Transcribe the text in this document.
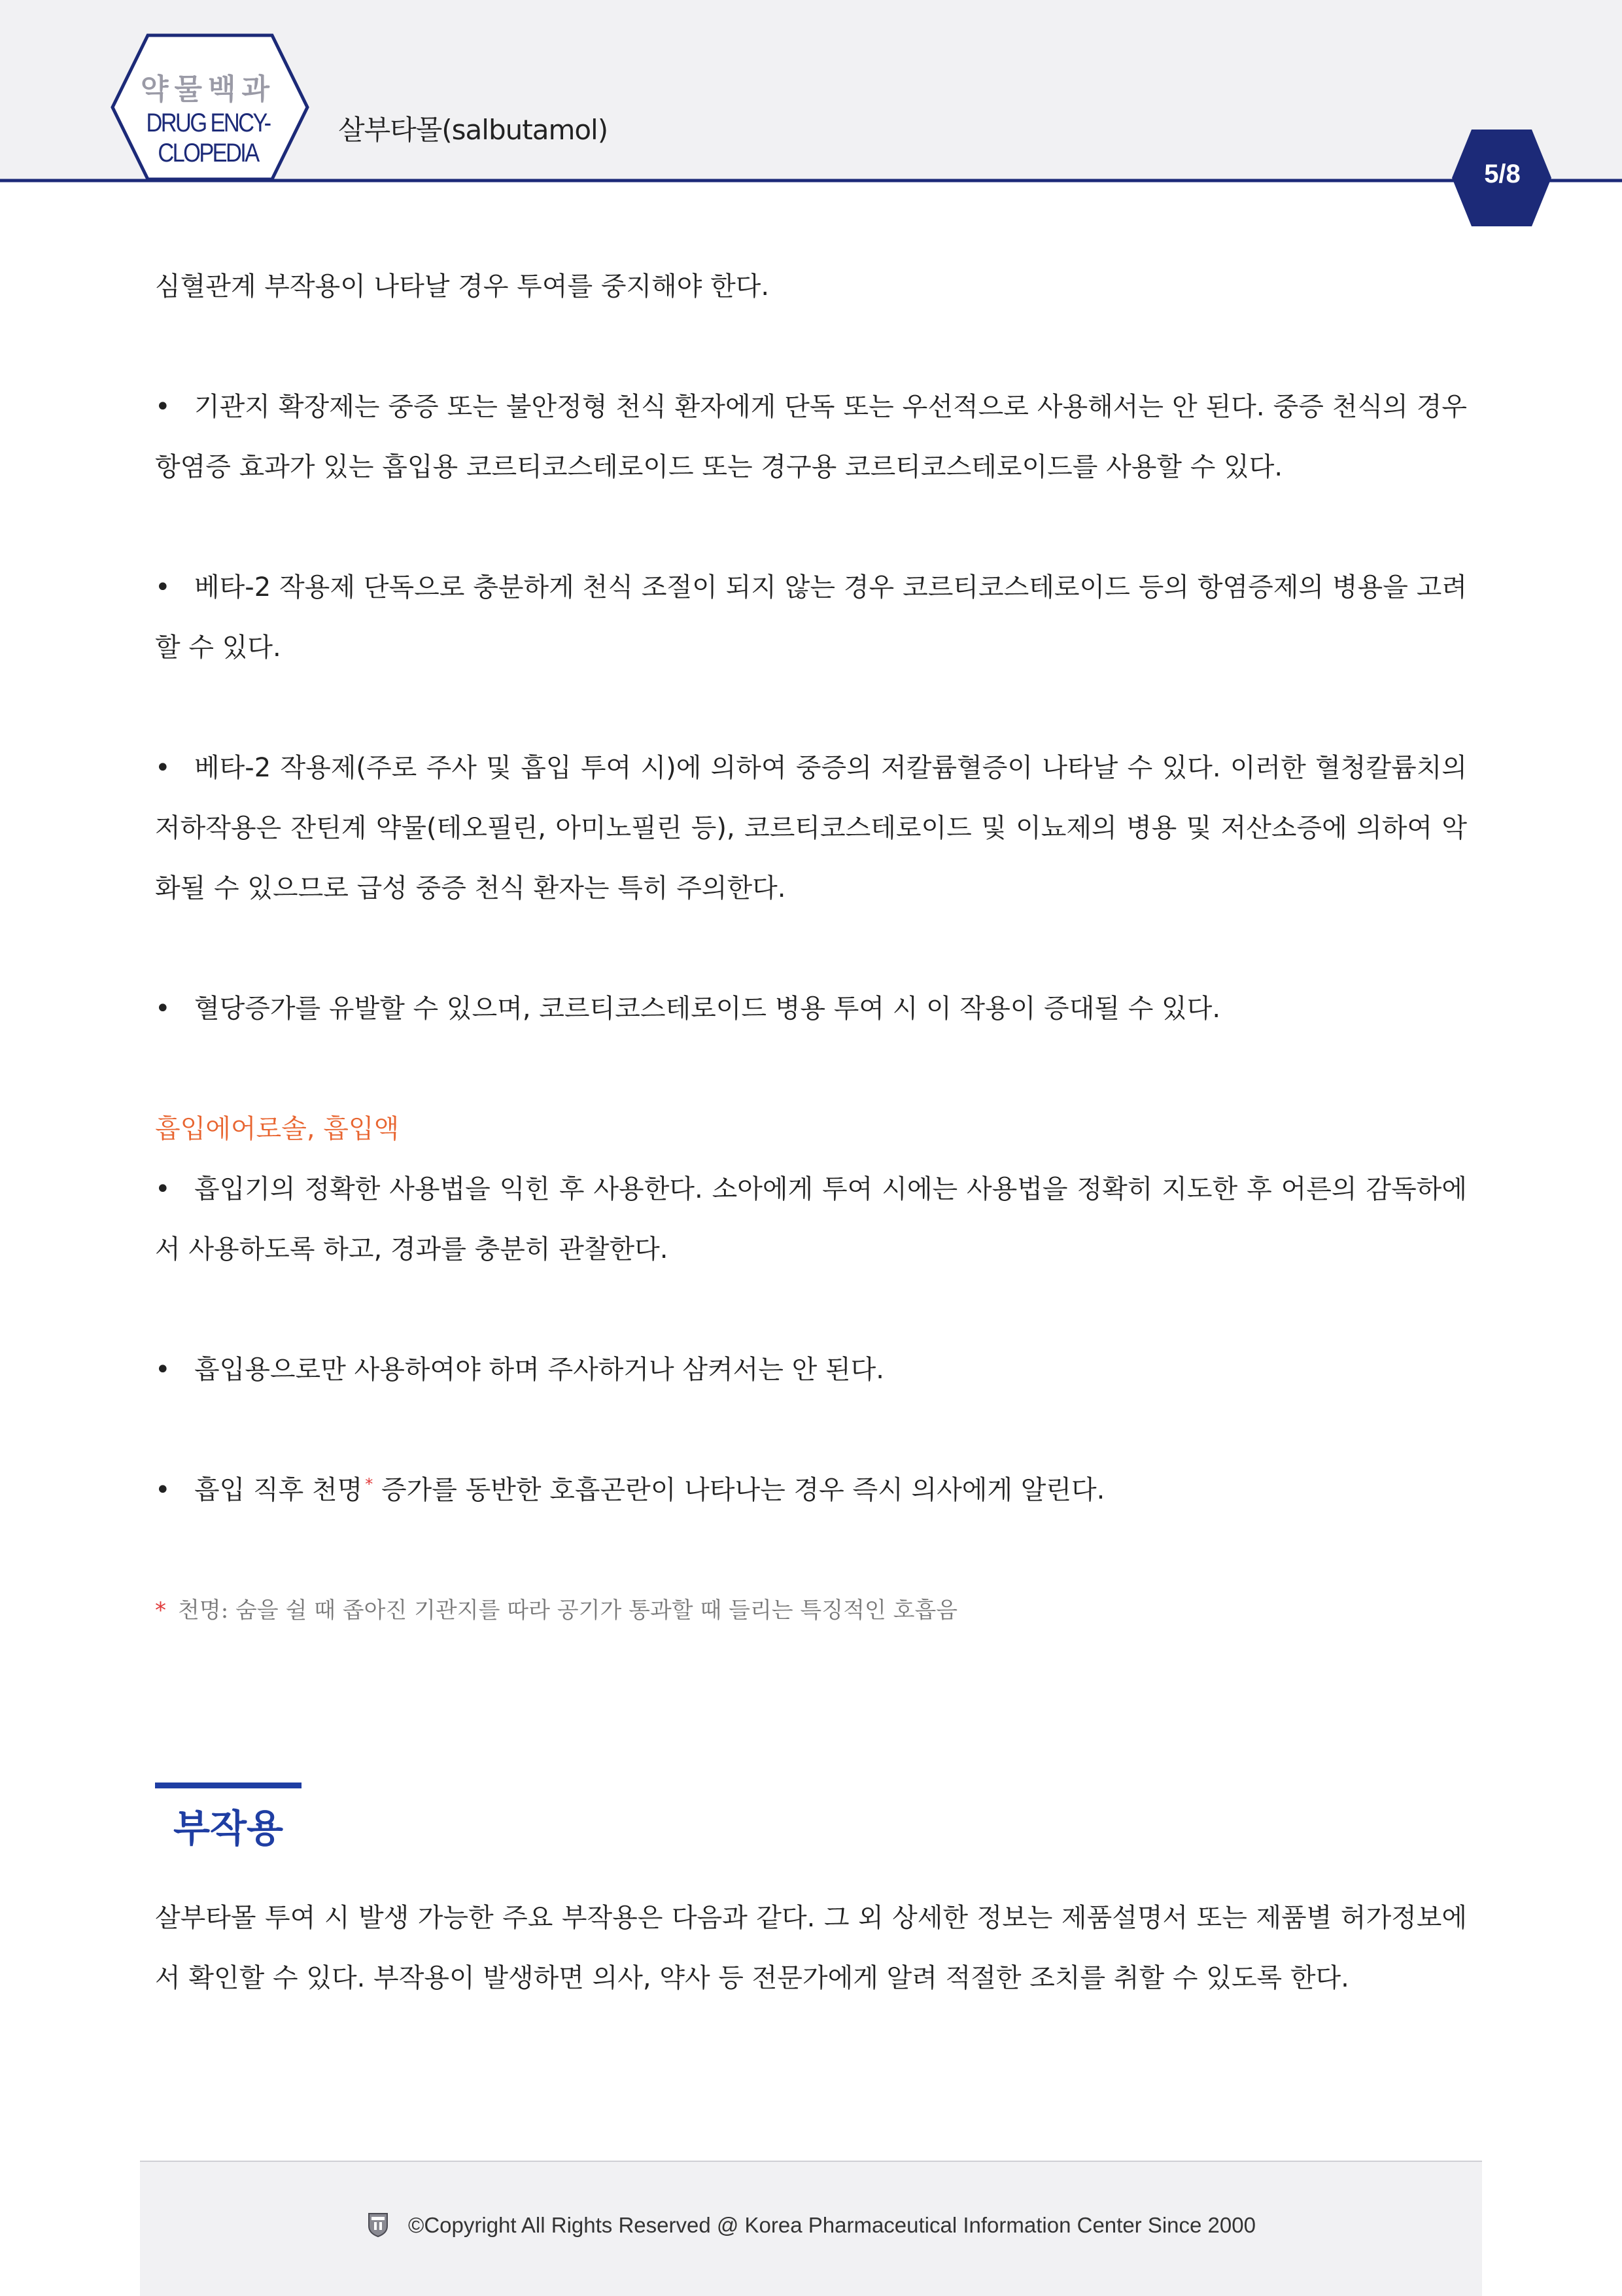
약물백과
DRUG ENCY-
CLOPEDIA
살부타몰(salbutamol)
5/8

심혈관계 부작용이 나타날 경우 투여를 중지해야 한다.

• 기관지 확장제는 중증 또는 불안정형 천식 환자에게 단독 또는 우선적으로 사용해서는 안 된다. 중증 천식의 경우 항염증 효과가 있는 흡입용 코르티코스테로이드 또는 경구용 코르티코스테로이드를 사용할 수 있다.

• 베타-2 작용제 단독으로 충분하게 천식 조절이 되지 않는 경우 코르티코스테로이드 등의 항염증제의 병용을 고려할 수 있다.

• 베타-2 작용제(주로 주사 및 흡입 투여 시)에 의하여 중증의 저칼륨혈증이 나타날 수 있다. 이러한 혈청칼륨치의 저하작용은 잔틴계 약물(테오필린, 아미노필린 등), 코르티코스테로이드 및 이뇨제의 병용 및 저산소증에 의하여 악화될 수 있으므로 급성 중증 천식 환자는 특히 주의한다.

• 혈당증가를 유발할 수 있으며, 코르티코스테로이드 병용 투여 시 이 작용이 증대될 수 있다.

흡입에어로솔, 흡입액

• 흡입기의 정확한 사용법을 익힌 후 사용한다. 소아에게 투여 시에는 사용법을 정확히 지도한 후 어른의 감독하에서 사용하도록 하고, 경과를 충분히 관찰한다.

• 흡입용으로만 사용하여야 하며 주사하거나 삼켜서는 안 된다.

• 흡입 직후 천명 * 증가를 동반한 호흡곤란이 나타나는 경우 즉시 의사에게 알린다.

* 천명: 숨을 쉴 때 좁아진 기관지를 따라 공기가 통과할 때 들리는 특징적인 호흡음

부작용

살부타몰 투여 시 발생 가능한 주요 부작용은 다음과 같다. 그 외 상세한 정보는 제품설명서 또는 제품별 허가정보에서 확인할 수 있다. 부작용이 발생하면 의사, 약사 등 전문가에게 알려 적절한 조치를 취할 수 있도록 한다.

©Copyright All Rights Reserved @ Korea Pharmaceutical Information Center Since 2000
